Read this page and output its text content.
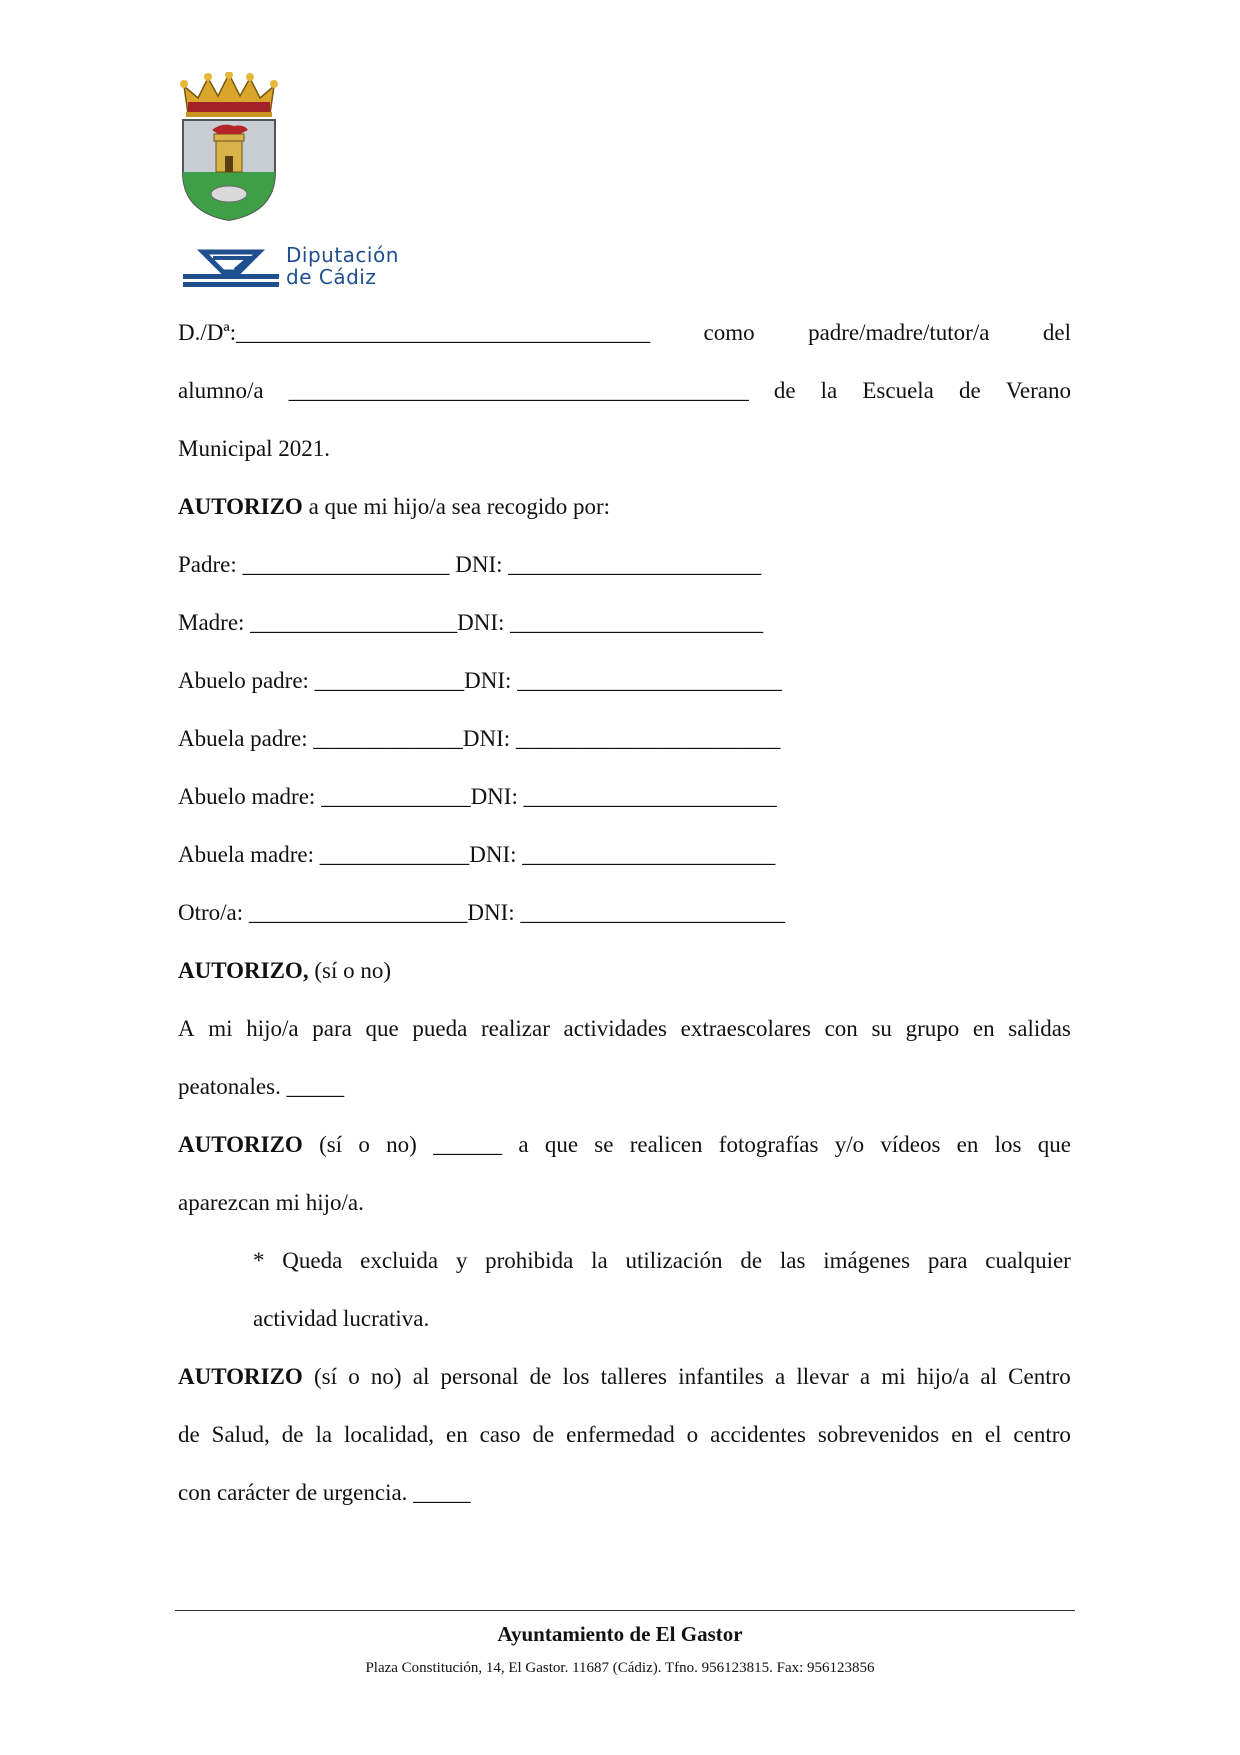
Diputación
de Cádiz
D./Dª:____________________________________ como padre/madre/tutor/a del
alumno/a ________________________________________ de la Escuela de Verano
Municipal 2021.
AUTORIZO a que mi hijo/a sea recogido por:
Padre: __________________ DNI: ______________________
Madre: __________________DNI: ______________________
Abuelo padre: _____________DNI: _______________________
Abuela padre: _____________DNI: _______________________
Abuelo madre: _____________DNI: ______________________
Abuela madre: _____________DNI: ______________________
Otro/a: ___________________DNI: _______________________
AUTORIZO, (sí o no)
A mi hijo/a para que pueda realizar actividades extraescolares con su grupo en salidas
peatonales. _____
AUTORIZO (sí o no) ______ a que se realicen fotografías y/o vídeos en los que
aparezcan mi hijo/a.
* Queda excluida y prohibida la utilización de las imágenes para cualquier
actividad lucrativa.
AUTORIZO (sí o no) al personal de los talleres infantiles a llevar a mi hijo/a al Centro
de Salud, de la localidad, en caso de enfermedad o accidentes sobrevenidos en el centro
con carácter de urgencia. _____
Ayuntamiento de El Gastor
Plaza Constitución, 14, El Gastor. 11687 (Cádiz). Tfno. 956123815. Fax: 956123856
